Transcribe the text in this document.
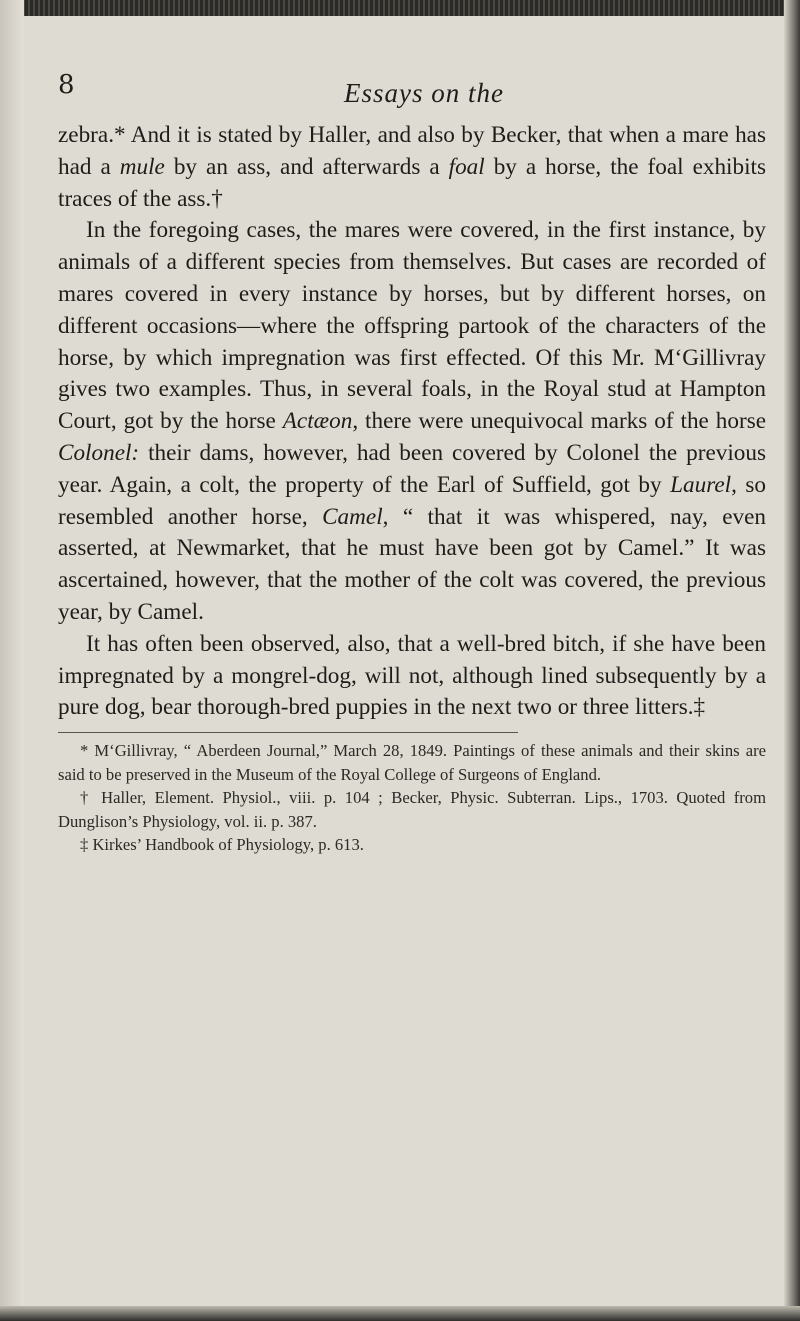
8	Essays on the

zebra.* And it is stated by Haller, and also by Becker, that when a mare has had a mule by an ass, and afterwards a foal by a horse, the foal exhibits traces of the ass.†

In the foregoing cases, the mares were covered, in the first instance, by animals of a different species from themselves. But cases are recorded of mares covered in every instance by horses, but by different horses, on different occasions—where the offspring partook of the characters of the horse, by which impregnation was first effected. Of this Mr. M‘Gillivray gives two examples. Thus, in several foals, in the Royal stud at Hampton Court, got by the horse Actæon, there were unequivocal marks of the horse Colonel: their dams, however, had been covered by Colonel the previous year. Again, a colt, the property of the Earl of Suffield, got by Laurel, so resembled another horse, Camel, “ that it was whispered, nay, even asserted, at Newmarket, that he must have been got by Camel.” It was ascertained, however, that the mother of the colt was covered, the previous year, by Camel.

It has often been observed, also, that a well-bred bitch, if she have been impregnated by a mongrel-dog, will not, although lined subsequently by a pure dog, bear thorough-bred puppies in the next two or three litters.‡

* M‘Gillivray, “ Aberdeen Journal,” March 28, 1849. Paintings of these animals and their skins are said to be preserved in the Museum of the Royal College of Surgeons of England.

† Haller, Element. Physiol., viii. p. 104 ; Becker, Physic. Subterran. Lips., 1703. Quoted from Dunglison’s Physiology, vol. ii. p. 387.

‡ Kirkes’ Handbook of Physiology, p. 613.
